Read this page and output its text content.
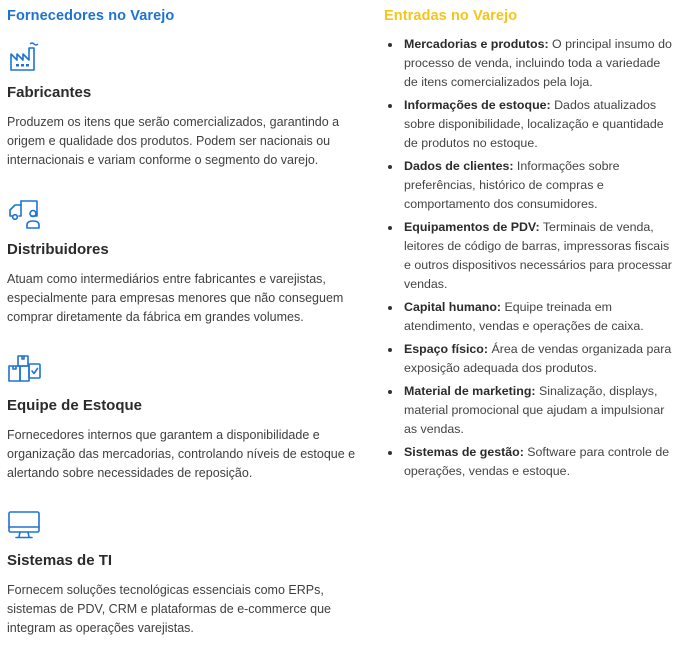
Fornecedores no Varejo
Fabricantes

Produzem os itens que serão comercializados, garantindo a origem e qualidade dos produtos. Podem ser nacionais ou internacionais e variam conforme o segmento do varejo.

Distribuidores

Atuam como intermediários entre fabricantes e varejistas, especialmente para empresas menores que não conseguem comprar diretamente da fábrica em grandes volumes.

Equipe de Estoque

Fornecedores internos que garantem a disponibilidade e organização das mercadorias, controlando níveis de estoque e alertando sobre necessidades de reposição.

Sistemas de TI

Fornecem soluções tecnológicas essenciais como ERPs, sistemas de PDV, CRM e plataformas de e-commerce que integram as operações varejistas.

Entradas no Varejo
Mercadorias e produtos: O principal insumo do processo de venda, incluindo toda a variedade de itens comercializados pela loja.
Informações de estoque: Dados atualizados sobre disponibilidade, localização e quantidade de produtos no estoque.
Dados de clientes: Informações sobre preferências, histórico de compras e comportamento dos consumidores.
Equipamentos de PDV: Terminais de venda, leitores de código de barras, impressoras fiscais e outros dispositivos necessários para processar vendas.
Capital humano: Equipe treinada em atendimento, vendas e operações de caixa.
Espaço físico: Área de vendas organizada para exposição adequada dos produtos.
Material de marketing: Sinalização, displays, material promocional que ajudam a impulsionar as vendas.
Sistemas de gestão: Software para controle de operações, vendas e estoque.
